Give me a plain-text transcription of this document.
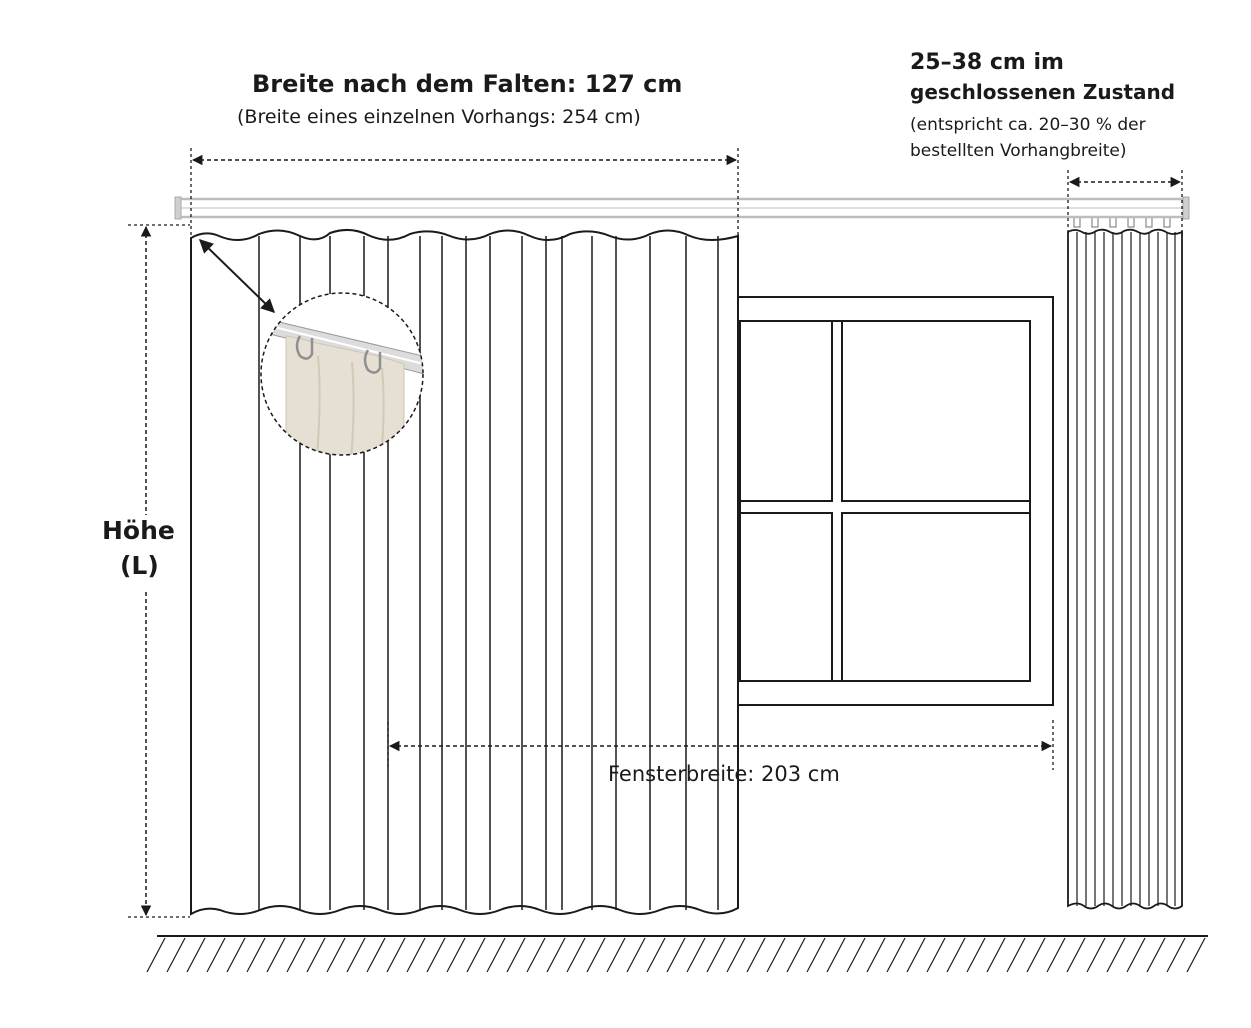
Breite nach dem Falten: 127 cm
(Breite eines einzelnen Vorhangs: 254 cm)
25–38 cm im
geschlossenen Zustand
(entspricht ca. 20–30 % der
bestellten Vorhangbreite)
Höhe
(L)
Fensterbreite: 203 cm
